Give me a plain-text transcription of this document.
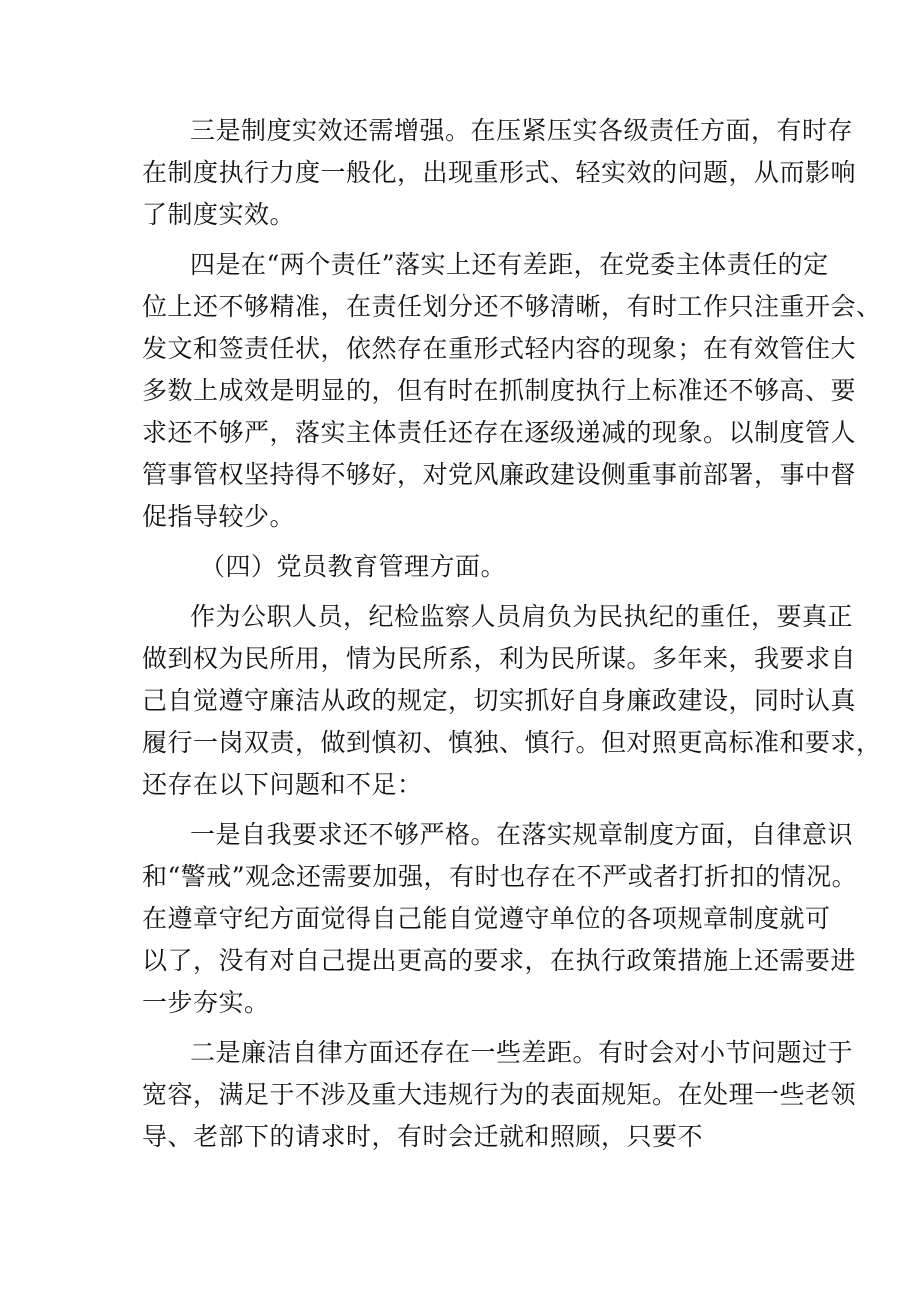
三是制度实效还需增强。在压紧压实各级责任方面，有时存
在制度执行力度一般化，出现重形式、轻实效的问题，从而影响
了制度实效。
四是在“两个责任”落实上还有差距，在党委主体责任的定
位上还不够精准，在责任划分还不够清晰，有时工作只注重开会、
发文和签责任状，依然存在重形式轻内容的现象；在有效管住大
多数上成效是明显的，但有时在抓制度执行上标准还不够高、要
求还不够严，落实主体责任还存在逐级递减的现象。以制度管人
管事管权坚持得不够好，对党风廉政建设侧重事前部署，事中督
促指导较少。
（四）党员教育管理方面。
作为公职人员，纪检监察人员肩负为民执纪的重任，要真正
做到权为民所用，情为民所系，利为民所谋。多年来，我要求自
己自觉遵守廉洁从政的规定，切实抓好自身廉政建设，同时认真
履行一岗双责，做到慎初、慎独、慎行。但对照更高标准和要求，
还存在以下问题和不足：
一是自我要求还不够严格。在落实规章制度方面，自律意识
和“警戒”观念还需要加强，有时也存在不严或者打折扣的情况。
在遵章守纪方面觉得自己能自觉遵守单位的各项规章制度就可
以了，没有对自己提出更高的要求，在执行政策措施上还需要进
一步夯实。
二是廉洁自律方面还存在一些差距。有时会对小节问题过于
宽容，满足于不涉及重大违规行为的表面规矩。在处理一些老领
导、老部下的请求时，有时会迁就和照顾，只要不
